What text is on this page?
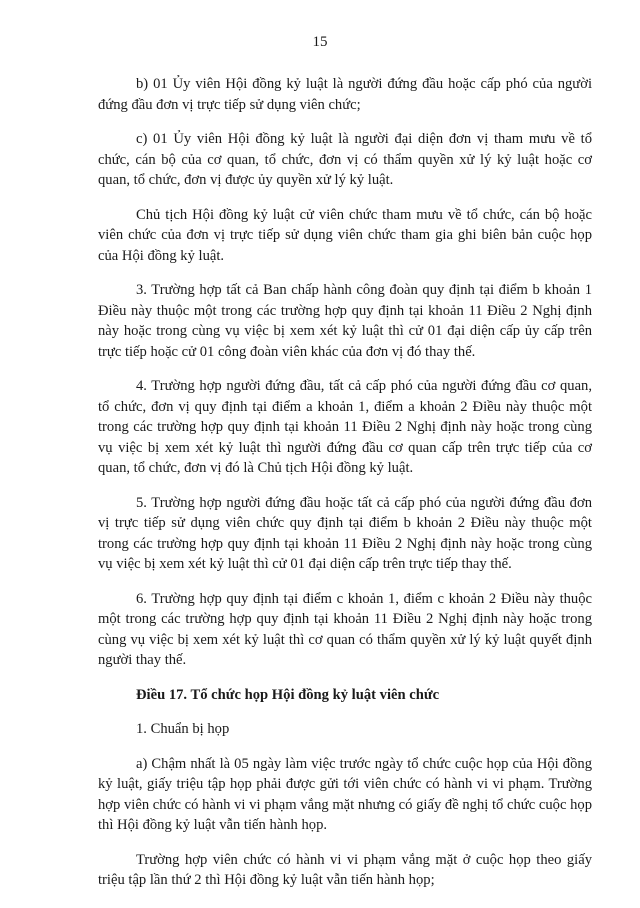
15

b) 01 Ủy viên Hội đồng kỷ luật là người đứng đầu hoặc cấp phó của người đứng đầu đơn vị trực tiếp sử dụng viên chức;

c) 01 Ủy viên Hội đồng kỷ luật là người đại diện đơn vị tham mưu về tổ chức, cán bộ của cơ quan, tổ chức, đơn vị có thẩm quyền xử lý kỷ luật hoặc cơ quan, tổ chức, đơn vị được ủy quyền xử lý kỷ luật.

Chủ tịch Hội đồng kỷ luật cử viên chức tham mưu về tổ chức, cán bộ hoặc viên chức của đơn vị trực tiếp sử dụng viên chức tham gia ghi biên bản cuộc họp của Hội đồng kỷ luật.

3. Trường hợp tất cả Ban chấp hành công đoàn quy định tại điểm b khoản 1 Điều này thuộc một trong các trường hợp quy định tại khoản 11 Điều 2 Nghị định này hoặc trong cùng vụ việc bị xem xét kỷ luật thì cử 01 đại diện cấp ủy cấp trên trực tiếp hoặc cử 01 công đoàn viên khác của đơn vị đó thay thế.

4. Trường hợp người đứng đầu, tất cả cấp phó của người đứng đầu cơ quan, tổ chức, đơn vị quy định tại điểm a khoản 1, điểm a khoản 2 Điều này thuộc một trong các trường hợp quy định tại khoản 11 Điều 2 Nghị định này hoặc trong cùng vụ việc bị xem xét kỷ luật thì người đứng đầu cơ quan cấp trên trực tiếp của cơ quan, tổ chức, đơn vị đó là Chủ tịch Hội đồng kỷ luật.

5. Trường hợp người đứng đầu hoặc tất cả cấp phó của người đứng đầu đơn vị trực tiếp sử dụng viên chức quy định tại điểm b khoản 2 Điều này thuộc một trong các trường hợp quy định tại khoản 11 Điều 2 Nghị định này hoặc trong cùng vụ việc bị xem xét kỷ luật thì cử 01 đại diện cấp trên trực tiếp thay thế.

6. Trường hợp quy định tại điểm c khoản 1, điểm c khoản 2 Điều này thuộc một trong các trường hợp quy định tại khoản 11 Điều 2 Nghị định này hoặc trong cùng vụ việc bị xem xét kỷ luật thì cơ quan có thẩm quyền xử lý kỷ luật quyết định người thay thế.

Điều 17. Tổ chức họp Hội đồng kỷ luật viên chức

1. Chuẩn bị họp

a) Chậm nhất là 05 ngày làm việc trước ngày tổ chức cuộc họp của Hội đồng kỷ luật, giấy triệu tập họp phải được gửi tới viên chức có hành vi vi phạm. Trường hợp viên chức có hành vi vi phạm vắng mặt nhưng có giấy đề nghị tổ chức cuộc họp thì Hội đồng kỷ luật vẫn tiến hành họp.

Trường hợp viên chức có hành vi vi phạm vắng mặt ở cuộc họp theo giấy triệu tập lần thứ 2 thì Hội đồng kỷ luật vẫn tiến hành họp;
